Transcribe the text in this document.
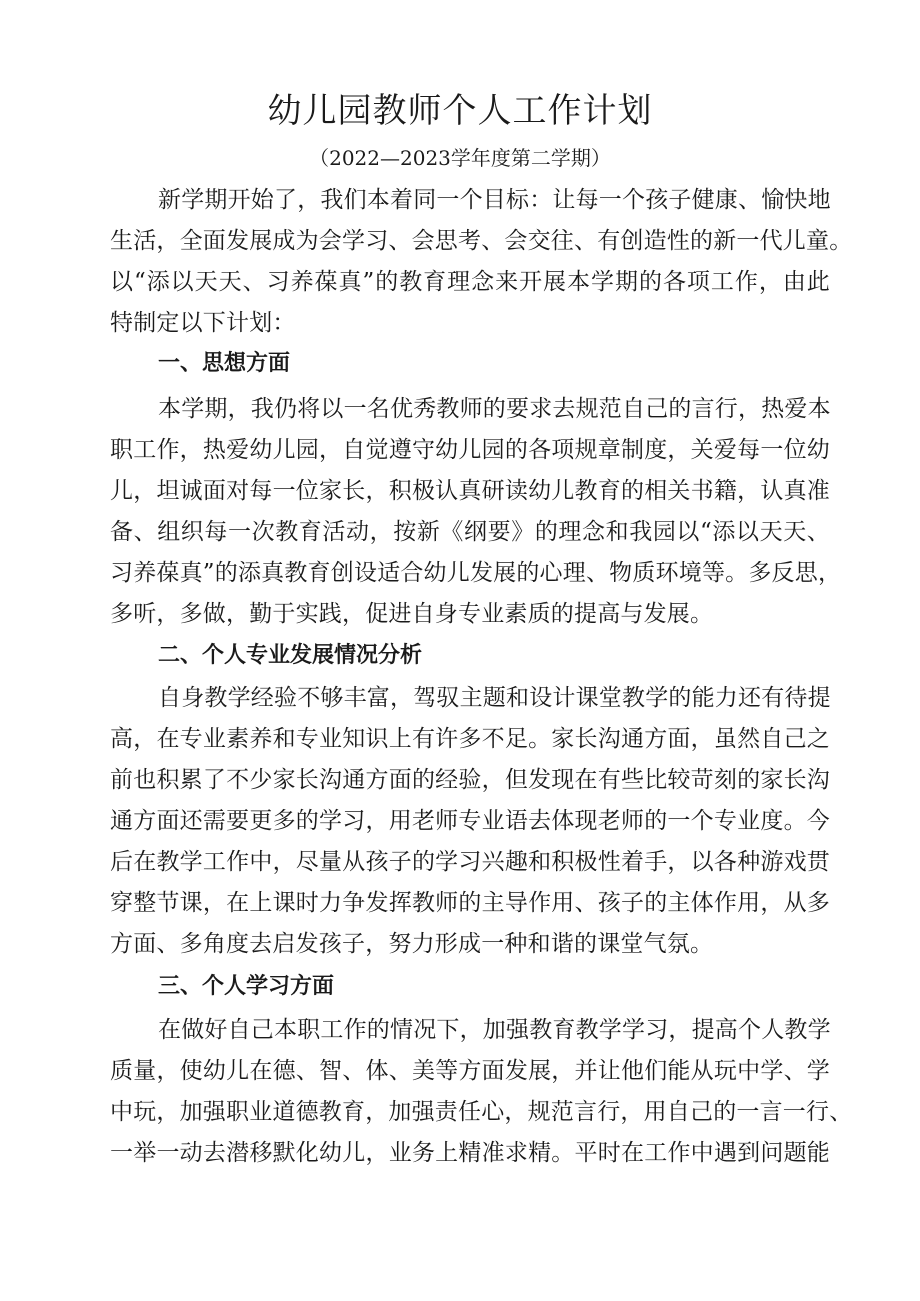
幼儿园教师个人工作计划

（2022—2023学年度第二学期）

新学期开始了，我们本着同一个目标：让每一个孩子健康、愉快地

生活，全面发展成为会学习、会思考、会交往、有创造性的新一代儿童。

以“添以天天、习养葆真”的教育理念来开展本学期的各项工作，由此

特制定以下计划：

一、思想方面

本学期，我仍将以一名优秀教师的要求去规范自己的言行，热爱本

职工作，热爱幼儿园，自觉遵守幼儿园的各项规章制度，关爱每一位幼

儿，坦诚面对每一位家长，积极认真研读幼儿教育的相关书籍，认真准

备、组织每一次教育活动，按新《纲要》的理念和我园以“添以天天、

习养葆真”的添真教育创设适合幼儿发展的心理、物质环境等。多反思，

多听，多做，勤于实践，促进自身专业素质的提高与发展。

二、个人专业发展情况分析

自身教学经验不够丰富，驾驭主题和设计课堂教学的能力还有待提

高，在专业素养和专业知识上有许多不足。家长沟通方面，虽然自己之

前也积累了不少家长沟通方面的经验，但发现在有些比较苛刻的家长沟

通方面还需要更多的学习，用老师专业语去体现老师的一个专业度。今

后在教学工作中，尽量从孩子的学习兴趣和积极性着手，以各种游戏贯

穿整节课，在上课时力争发挥教师的主导作用、孩子的主体作用，从多

方面、多角度去启发孩子，努力形成一种和谐的课堂气氛。

三、个人学习方面

在做好自己本职工作的情况下，加强教育教学学习，提高个人教学

质量，使幼儿在德、智、体、美等方面发展，并让他们能从玩中学、学

中玩，加强职业道德教育，加强责任心，规范言行，用自己的一言一行、

一举一动去潜移默化幼儿，业务上精准求精。平时在工作中遇到问题能
